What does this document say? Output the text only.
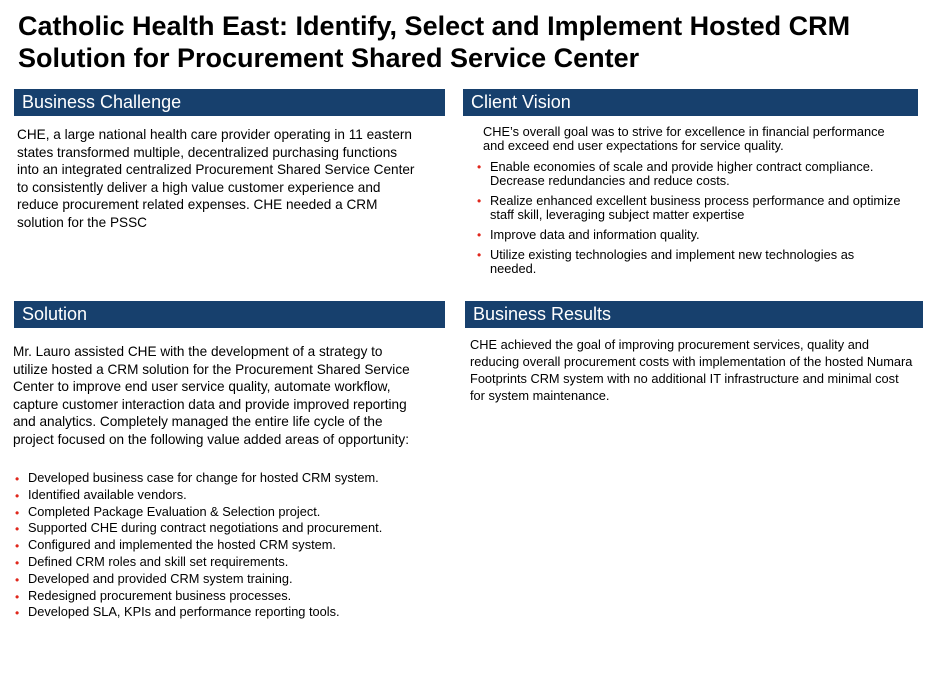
Catholic Health East: Identify, Select and Implement Hosted CRM Solution for Procurement Shared Service Center
Business Challenge
CHE, a large national health care provider operating in 11 eastern states transformed multiple, decentralized purchasing functions into an integrated centralized Procurement Shared Service Center to consistently deliver a high value customer experience and reduce procurement related expenses. CHE needed a CRM solution for the PSSC
Client Vision
CHE’s overall goal was to strive for excellence in financial performance and exceed end user expectations for service quality.
• Enable economies of scale and provide higher contract compliance. Decrease redundancies and reduce costs.
• Realize enhanced excellent business process performance and optimize staff skill, leveraging subject matter expertise
• Improve data and information quality.
• Utilize existing technologies and implement new technologies as needed.
Solution
Mr. Lauro assisted CHE with the development of a strategy to utilize hosted a CRM solution for the Procurement Shared Service Center to improve end user service quality, automate workflow, capture customer interaction data and provide improved reporting and analytics. Completely managed the entire life cycle of the project focused on the following value added areas of opportunity:
• Developed business case for change for hosted CRM system.
• Identified available vendors.
• Completed Package Evaluation & Selection project.
• Supported CHE during contract negotiations and procurement.
• Configured and implemented the hosted CRM system.
• Defined CRM roles and skill set requirements.
• Developed and provided CRM system training.
• Redesigned procurement business processes.
• Developed SLA, KPIs and performance reporting tools.
Business Results
CHE achieved the goal of improving procurement services, quality and reducing overall procurement costs with implementation of the hosted Numara Footprints CRM system with no additional IT infrastructure and minimal cost for system maintenance.
